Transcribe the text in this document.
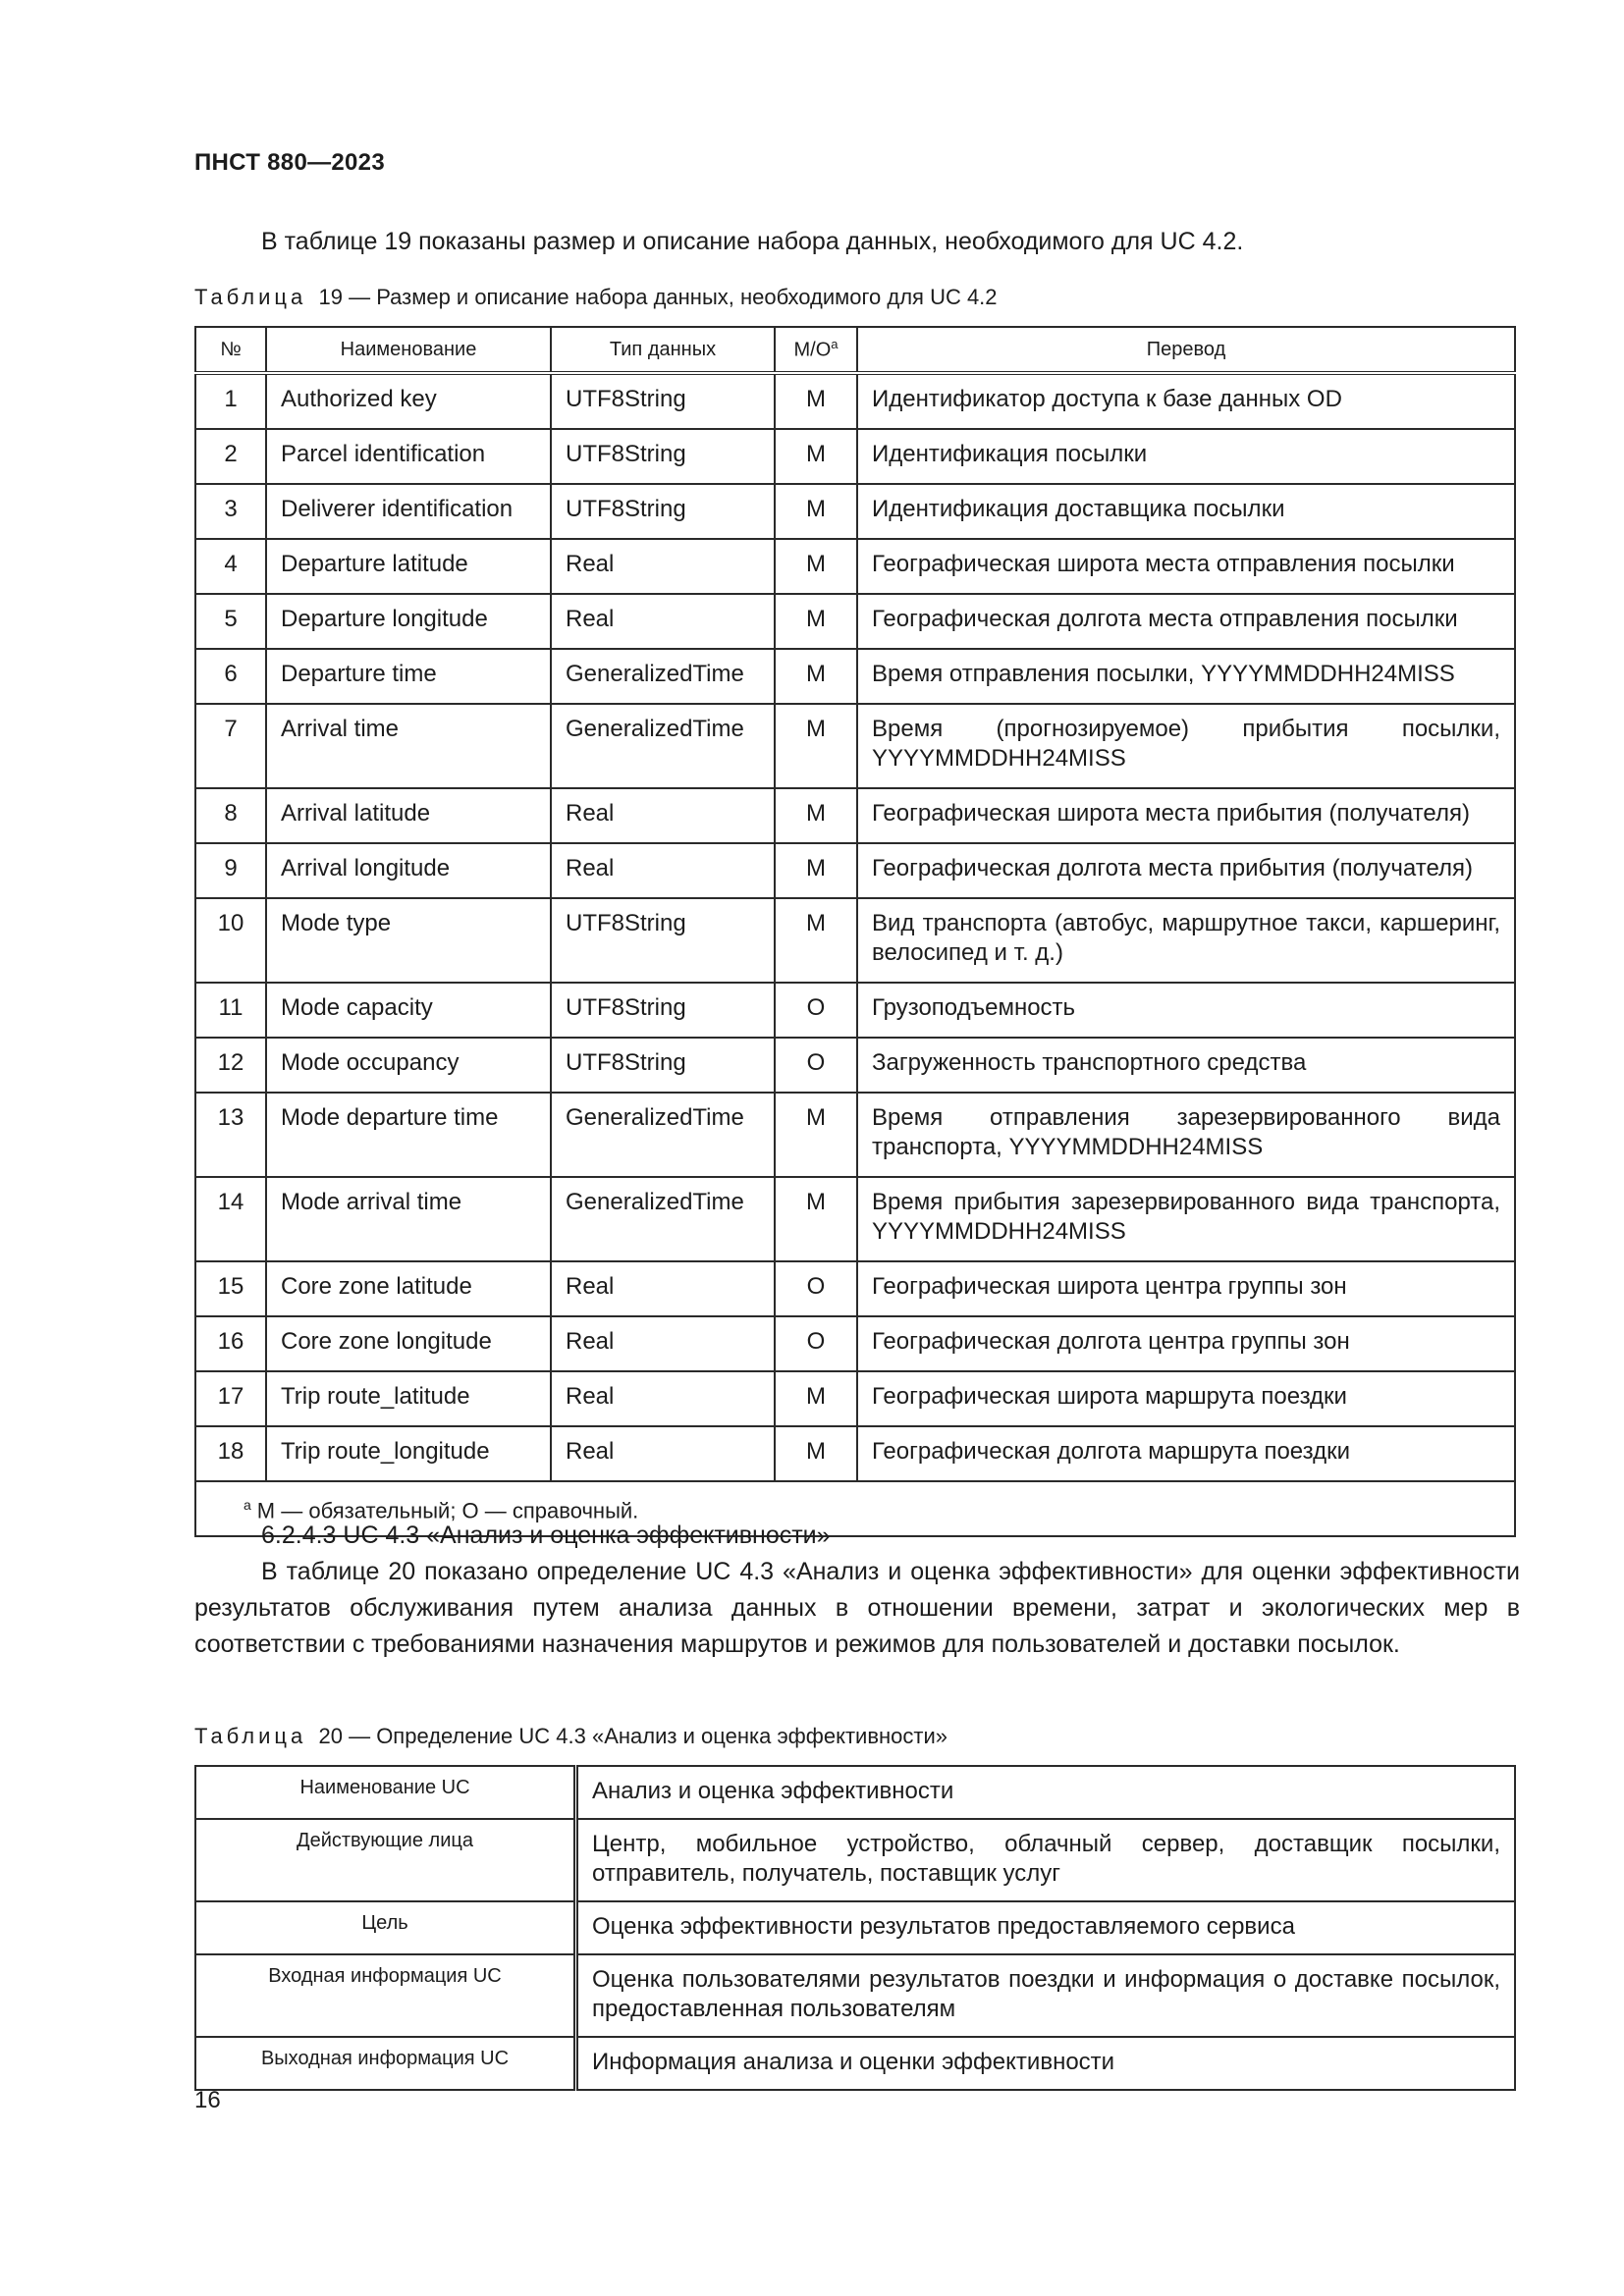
ПНСТ 880—2023
В таблице 19 показаны размер и описание набора данных, необходимого для UC 4.2.
Таблица 19 — Размер и описание набора данных, необходимого для UC 4.2
№	Наименование	Тип данных	$М/О^a$	Перевод
1	Authorized key	UTF8String	M	Идентификатор доступа к базе данных OD
2	Parcel identification	UTF8String	M	Идентификация посылки
3	Deliverer identification	UTF8String	M	Идентификация доставщика посылки
4	Departure latitude	Real	M	Географическая широта места отправления посылки
5	Departure longitude	Real	M	Географическая долгота места отправления посылки
6	Departure time	GeneralizedTime	M	Время отправления посылки, YYYYMMDDHH24MISS
7	Arrival time	GeneralizedTime	M	Время (прогнозируемое) прибытия посылки, YYYYMMDDHH24MISS
8	Arrival latitude	Real	M	Географическая широта места прибытия (получателя)
9	Arrival longitude	Real	M	Географическая долгота места прибытия (получателя)
10	Mode type	UTF8String	M	Вид транспорта (автобус, маршрутное такси, каршеринг, велосипед и т. д.)
11	Mode capacity	UTF8String	O	Грузоподъемность
12	Mode occupancy	UTF8String	O	Загруженность транспортного средства
13	Mode departure time	GeneralizedTime	M	Время отправления зарезервированного вида транспорта, YYYYMMDDHH24MISS
14	Mode arrival time	GeneralizedTime	M	Время прибытия зарезервированного вида транспорта, YYYYMMDDHH24MISS
15	Core zone latitude	Real	O	Географическая широта центра группы зон
16	Core zone longitude	Real	O	Географическая долгота центра группы зон
17	Trip route_latitude	Real	M	Географическая широта маршрута поездки
18	Trip route_longitude	Real	M	Географическая долгота маршрута поездки
$^a$ М — обязательный; О — справочный.				
6.2.4.3 UC 4.3 «Анализ и оценка эффективности»
В таблице 20 показано определение UC 4.3 «Анализ и оценка эффективности» для оценки эффективности результатов обслуживания путем анализа данных в отношении времени, затрат и экологических мер в соответствии с требованиями назначения маршрутов и режимов для пользователей и доставки посылок.
Таблица 20 — Определение UC 4.3 «Анализ и оценка эффективности»
Наименование UC	Анализ и оценка эффективности
Действующие лица	Центр, мобильное устройство, облачный сервер, доставщик посылки, отправитель, получатель, поставщик услуг
Цель	Оценка эффективности результатов предоставляемого сервиса
Входная информация UC	Оценка пользователями результатов поездки и информация о доставке посылок, предоставленная пользователям
Выходная информация UC	Информация анализа и оценки эффективности
16
